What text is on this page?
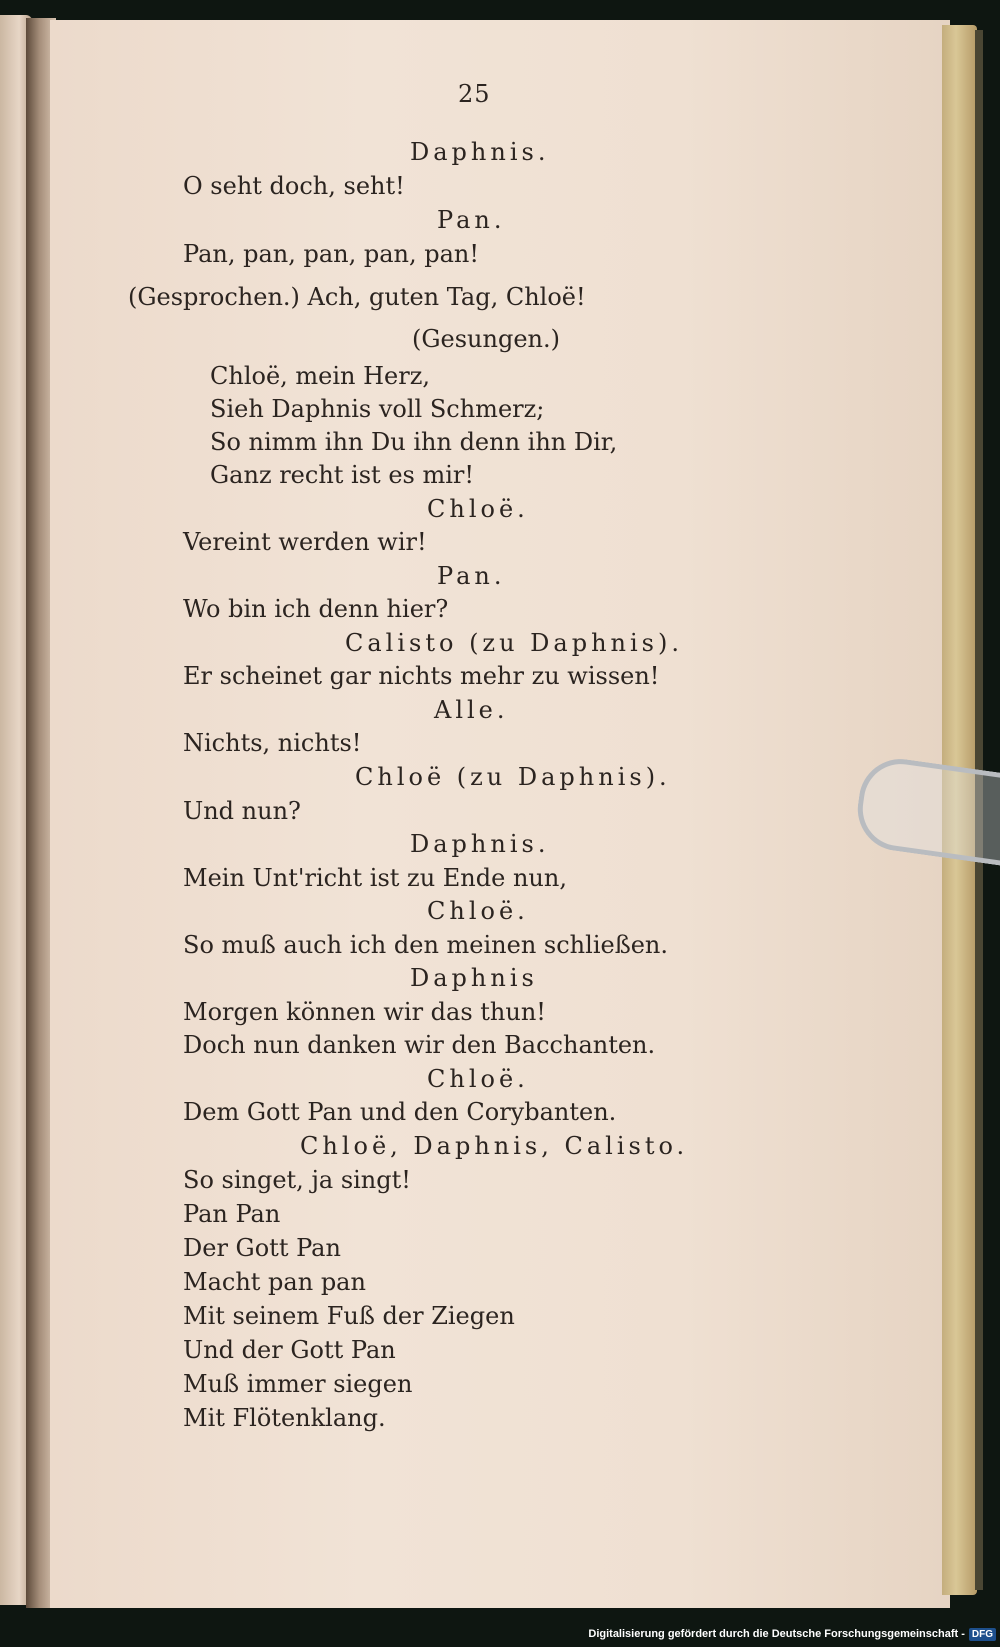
25
Daphnis.
O seht doch, seht!
Pan.
Pan, pan, pan, pan, pan!
(Gesprochen.) Ach, guten Tag, Chloë!
(Gesungen.)
Chloë, mein Herz,
Sieh Daphnis voll Schmerz;
So nimm ihn Du ihn denn ihn Dir,
Ganz recht ist es mir!
Chloë.
Vereint werden wir!
Pan.
Wo bin ich denn hier?
Calisto (zu Daphnis).
Er scheinet gar nichts mehr zu wissen!
Alle.
Nichts, nichts!
Chloë (zu Daphnis).
Und nun?
Daphnis.
Mein Unt'richt ist zu Ende nun,
Chloë.
So muß auch ich den meinen schließen.
Daphnis
Morgen können wir das thun!
Doch nun danken wir den Bacchanten.
Chloë.
Dem Gott Pan und den Corybanten.
Chloë, Daphnis, Calisto.
So singet, ja singt!
Pan Pan
Der Gott Pan
Macht pan pan
Mit seinem Fuß der Ziegen
Und der Gott Pan
Muß immer siegen
Mit Flötenklang.
Digitalisierung gefördert durch die Deutsche Forschungsgemeinschaft - DFG
